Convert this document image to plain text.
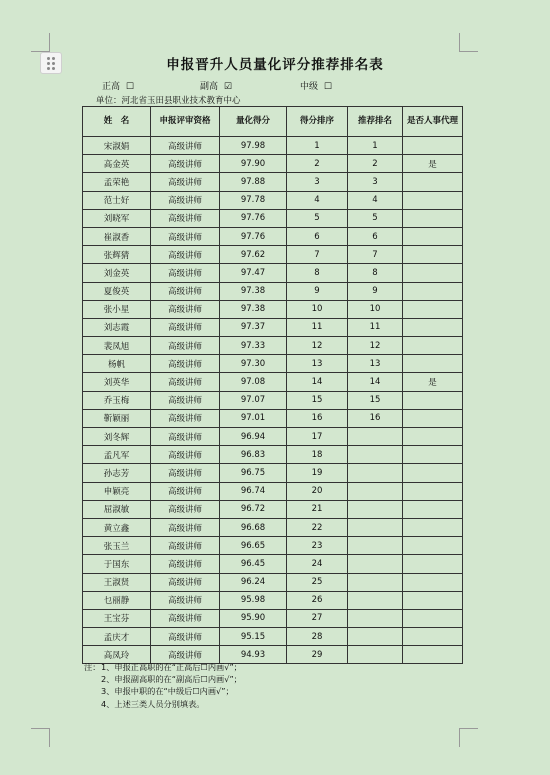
申报晋升人员量化评分推荐排名表
正高 ☐	副高 ☑	中级 ☐
单位：河北省玉田县职业技术教育中心
姓　名	申报评审资格	量化得分	得分排序	推荐排名	是否人事代理
宋淑娟	高级讲师	97.98	1	1	
高金英	高级讲师	97.90	2	2	是
孟荣艳	高级讲师	97.88	3	3	
范士好	高级讲师	97.78	4	4	
刘晓军	高级讲师	97.76	5	5	
崔淑香	高级讲师	97.76	6	6	
张辉猜	高级讲师	97.62	7	7	
刘金英	高级讲师	97.47	8	8	
夏俊英	高级讲师	97.38	9	9	
张小星	高级讲师	97.38	10	10	
刘志霞	高级讲师	97.37	11	11	
裴凤旭	高级讲师	97.33	12	12	
杨帆	高级讲师	97.30	13	13	
刘英华	高级讲师	97.08	14	14	是
乔玉梅	高级讲师	97.07	15	15	
靳颖丽	高级讲师	97.01	16	16	
刘冬辉	高级讲师	96.94	17		
孟凡军	高级讲师	96.83	18		
孙志芳	高级讲师	96.75	19		
申颖亮	高级讲师	96.74	20		
屈淑敏	高级讲师	96.72	21		
黄立鑫	高级讲师	96.68	22		
张玉兰	高级讲师	96.65	23		
于国东	高级讲师	96.45	24		
王淑贤	高级讲师	96.24	25		
乜丽静	高级讲师	95.98	26		
王宝芬	高级讲师	95.90	27		
孟庆才	高级讲师	95.15	28		
高凤玲	高级讲师	94.93	29		
注： 1、申报正高职的在“正高后☐内画√”；
2、申报副高职的在“副高后☐内画√”；
3、申报中职的在“中级后☐内画√”；
4、上述三类人员分别填表。
